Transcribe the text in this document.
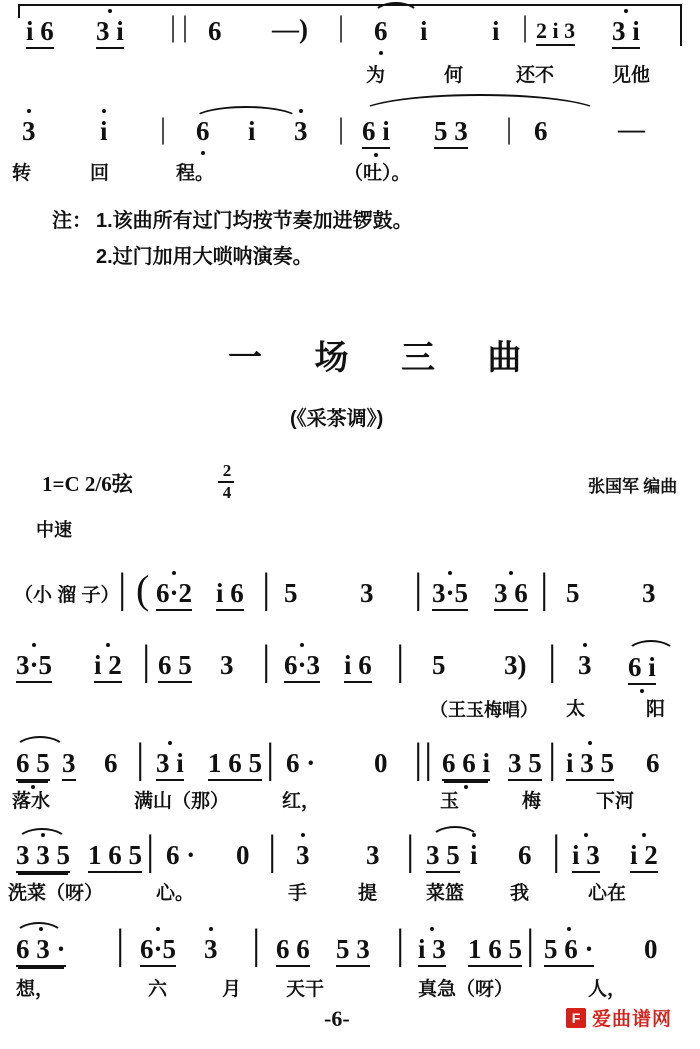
i 6 3 i | | 6 —) | 6 i i | 2 i 3 3 i
为	何	还不	见他
3 i | 6 i 3 | 6 i 5 3 | 6	—
转	回	程。	（吐）。
注： 1.该曲所有过门均按节奏加进锣鼓。
2.过门加用大唢呐演奏。
一 场 三 曲
(《采茶调》)
1=C 2/6弦
2
4	张国军 编曲
中速
（小 溜 子）
| ( 6·2 i 6 | 5 3 | 3·5 3 6 | 5 3
3·5 i 2 | 6 5 3 | 6·3 i 6 | 5 3) | 3 6 i
（王玉梅唱） 太	阳
6 5 3 6 | 3 i 1 6 5 | 6 · 0 | | 6 6 i 3 5 | i 3 5 6
落水	满山（那）	红，	玉	梅	下河
3 3 5 1 6 5 | 6 · 0 | 3 3 | 3 5 i 6 | i 3 i 2
洗菜（呀）	心。	手	提	菜篮 我	心在
6 3 · | 6·5 3 | 6 6 5 3 | i 3 1 6 5 | 5 6 · 0
想，	六	月 天干	真急（呀）	人，
-6-	F 爱曲谱网
